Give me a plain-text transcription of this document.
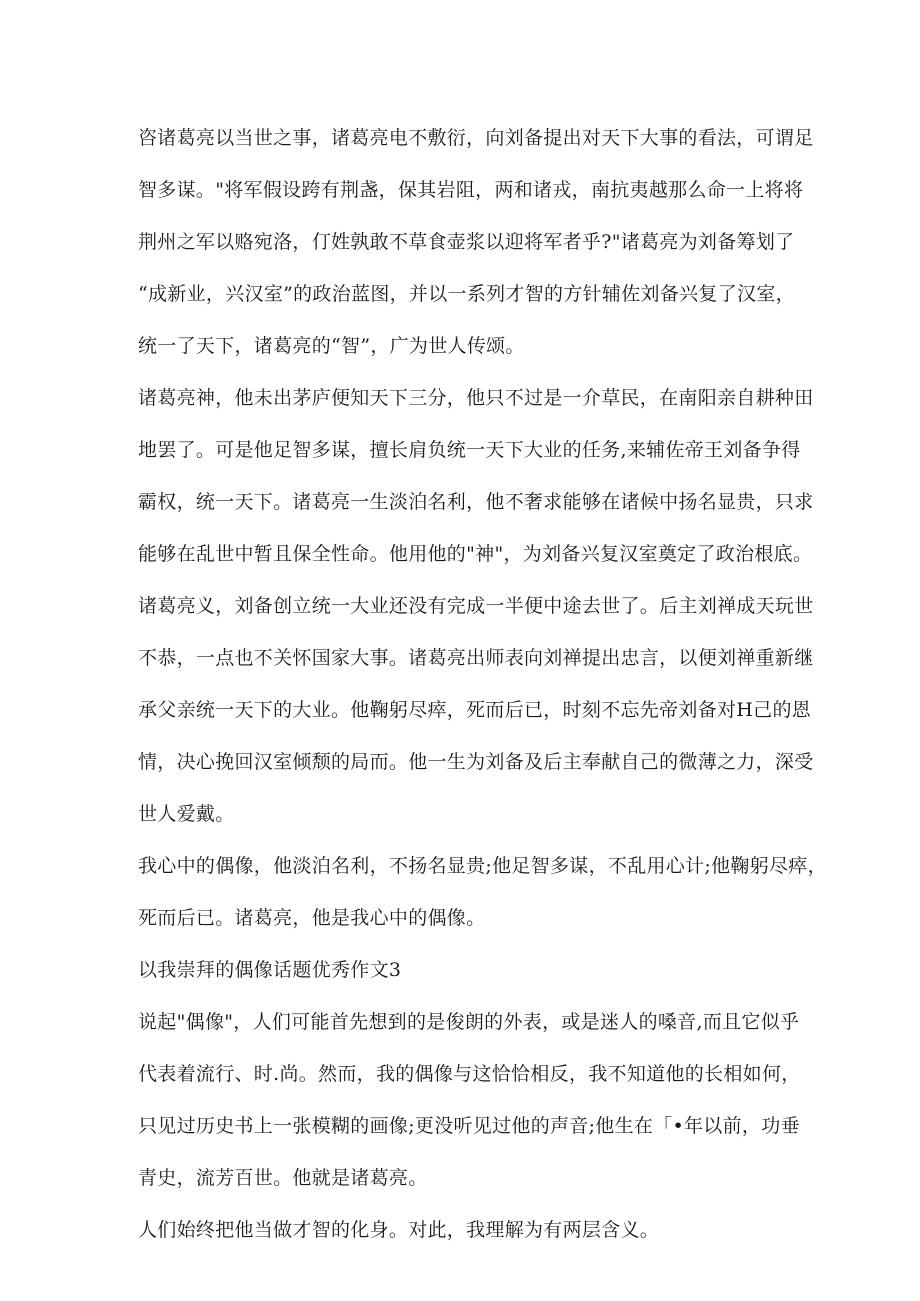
咨诸葛亮以当世之事，诸葛亮电不敷衍，向刘备提出对天下大事的看法，可谓足
智多谋。"将军假设跨有荆盏，保其岩阻，两和诸戎，南抗夷越那么命一上将将
荆州之军以赂宛洛，仃姓孰敢不草食壶浆以迎将军者乎?"诸葛亮为刘备筹划了
“成新业，兴汉室”的政治蓝图，并以一系列才智的方针辅佐刘备兴复了汉室，
统一了天下，诸葛亮的“智”，广为世人传颂。
诸葛亮神，他未出茅庐便知天下三分，他只不过是一介草民，在南阳亲自耕种田
地罢了。可是他足智多谋，擅长肩负统一天下大业的任务,来辅佐帝王刘备争得
霸权，统一天下。诸葛亮一生淡泊名利，他不奢求能够在诸候中扬名显贵，只求
能够在乱世中暂且保全性命。他用他的"神"，为刘备兴复汉室奠定了政治根底。
诸葛亮义，刘备创立统一大业还没有完成一半便中途去世了。后主刘禅成天玩世
不恭，一点也不关怀国家大事。诸葛亮出师表向刘禅提出忠言，以便刘禅重新继
承父亲统一天下的大业。他鞠躬尽瘁，死而后已，时刻不忘先帝刘备对H己的恩
情，决心挽回汉室倾颓的局而。他一生为刘备及后主奉献自己的微薄之力，深受
世人爱戴。
我心中的偶像，他淡泊名利，不扬名显贵;他足智多谋，不乱用心计;他鞠躬尽瘁，
死而后已。诸葛亮，他是我心中的偶像。
以我崇拜的偶像话题优秀作文3
说起"偶像"，人们可能首先想到的是俊朗的外表，或是迷人的嗓音,而且它似乎
代表着流行、时.尚。然而，我的偶像与这恰恰相反，我不知道他的长相如何，
只见过历史书上一张模糊的画像;更没听见过他的声音;他生在「•年以前，功垂
青史，流芳百世。他就是诸葛亮。
人们始终把他当做才智的化身。对此，我理解为有两层含义。
